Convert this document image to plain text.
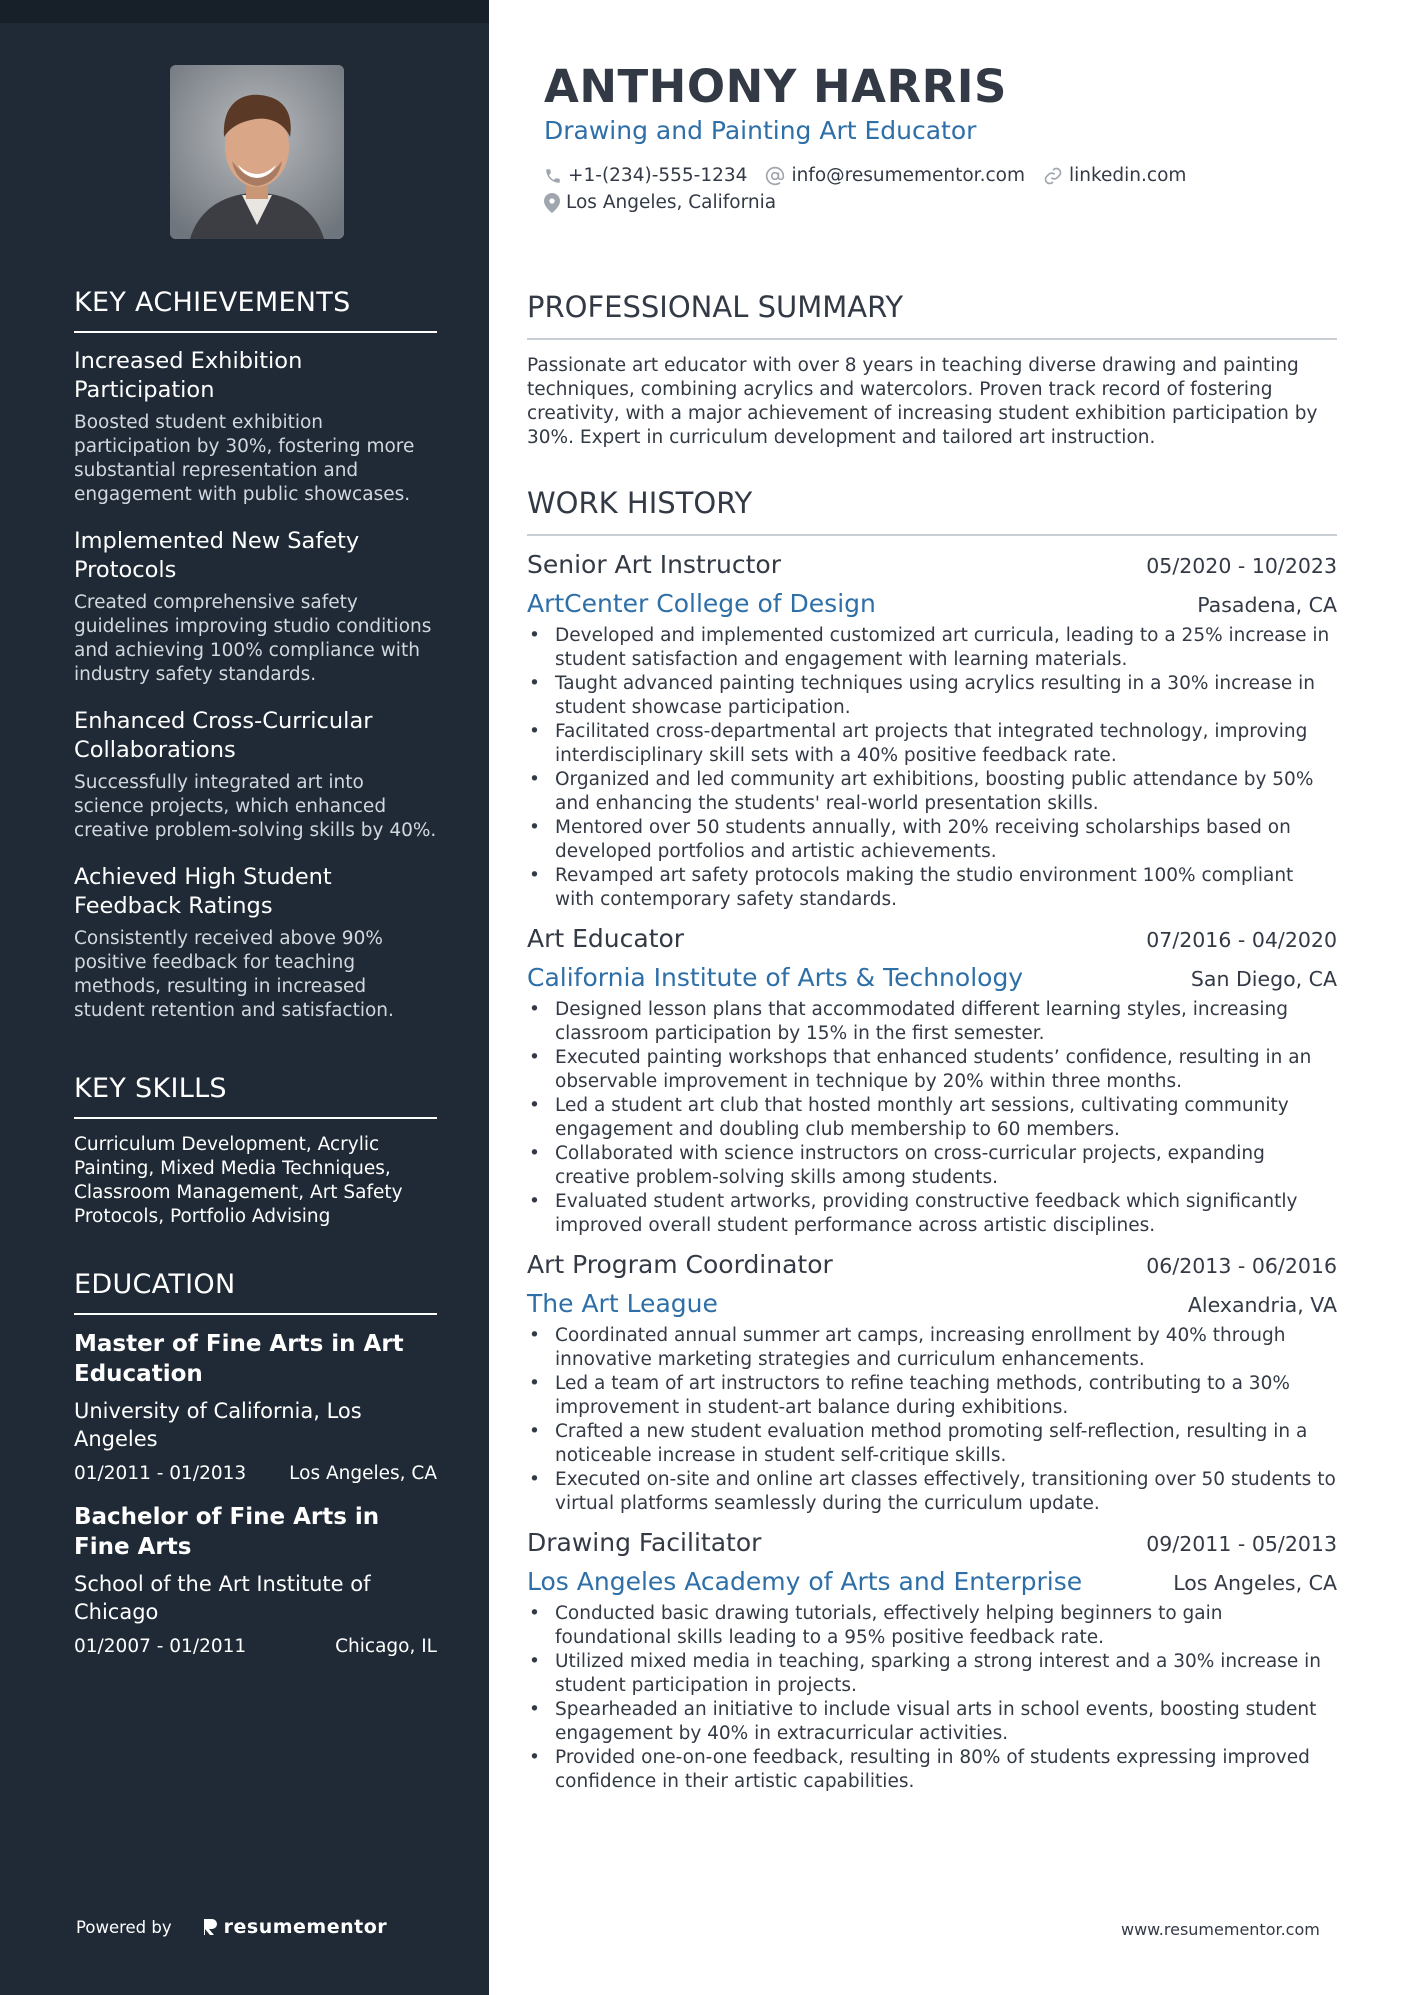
KEY ACHIEVEMENTS
Increased Exhibition Participation
Boosted student exhibition participation by 30%, fostering more substantial representation and engagement with public showcases.
Implemented New Safety Protocols
Created comprehensive safety guidelines improving studio conditions and achieving 100% compliance with industry safety standards.
Enhanced Cross-Curricular Collaborations
Successfully integrated art into science projects, which enhanced creative problem-solving skills by 40%.
Achieved High Student Feedback Ratings
Consistently received above 90% positive feedback for teaching methods, resulting in increased student retention and satisfaction.
KEY SKILLS
Curriculum Development, Acrylic Painting, Mixed Media Techniques, Classroom Management, Art Safety Protocols, Portfolio Advising
EDUCATION
Master of Fine Arts in Art Education
University of California, Los Angeles
01/2011 - 01/2013 Los Angeles, CA
Bachelor of Fine Arts in Fine Arts
School of the Art Institute of Chicago
01/2007 - 01/2011	Chicago, IL
Powered by	resumementor
ANTHONY HARRIS
Drawing and Painting Art Educator
+1-(234)-555-1234 info@resumementor.com linkedin.com
Los Angeles, California
PROFESSIONAL SUMMARY
Passionate art educator with over 8 years in teaching diverse drawing and painting techniques, combining acrylics and watercolors. Proven track record of fostering creativity, with a major achievement of increasing student exhibition participation by 30%. Expert in curriculum development and tailored art instruction.
WORK HISTORY
Senior Art Instructor	05/2020 - 10/2023
ArtCenter College of Design	Pasadena, CA
• Developed and implemented customized art curricula, leading to a 25% increase in student satisfaction and engagement with learning materials.
• Taught advanced painting techniques using acrylics resulting in a 30% increase in student showcase participation.
• Facilitated cross-departmental art projects that integrated technology, improving interdisciplinary skill sets with a 40% positive feedback rate.
• Organized and led community art exhibitions, boosting public attendance by 50% and enhancing the students' real-world presentation skills.
• Mentored over 50 students annually, with 20% receiving scholarships based on developed portfolios and artistic achievements.
• Revamped art safety protocols making the studio environment 100% compliant with contemporary safety standards.
Art Educator	07/2016 - 04/2020
California Institute of Arts & Technology	San Diego, CA
• Designed lesson plans that accommodated different learning styles, increasing classroom participation by 15% in the first semester.
• Executed painting workshops that enhanced students’ confidence, resulting in an observable improvement in technique by 20% within three months.
• Led a student art club that hosted monthly art sessions, cultivating community engagement and doubling club membership to 60 members.
• Collaborated with science instructors on cross-curricular projects, expanding creative problem-solving skills among students.
• Evaluated student artworks, providing constructive feedback which significantly improved overall student performance across artistic disciplines.
Art Program Coordinator	06/2013 - 06/2016
The Art League	Alexandria, VA
• Coordinated annual summer art camps, increasing enrollment by 40% through innovative marketing strategies and curriculum enhancements.
• Led a team of art instructors to refine teaching methods, contributing to a 30% improvement in student-art balance during exhibitions.
• Crafted a new student evaluation method promoting self-reflection, resulting in a noticeable increase in student self-critique skills.
• Executed on-site and online art classes effectively, transitioning over 50 students to virtual platforms seamlessly during the curriculum update.
Drawing Facilitator	09/2011 - 05/2013
Los Angeles Academy of Arts and Enterprise	Los Angeles, CA
• Conducted basic drawing tutorials, effectively helping beginners to gain foundational skills leading to a 95% positive feedback rate.
• Utilized mixed media in teaching, sparking a strong interest and a 30% increase in student participation in projects.
• Spearheaded an initiative to include visual arts in school events, boosting student engagement by 40% in extracurricular activities.
• Provided one-on-one feedback, resulting in 80% of students expressing improved confidence in their artistic capabilities.
www.resumementor.com
